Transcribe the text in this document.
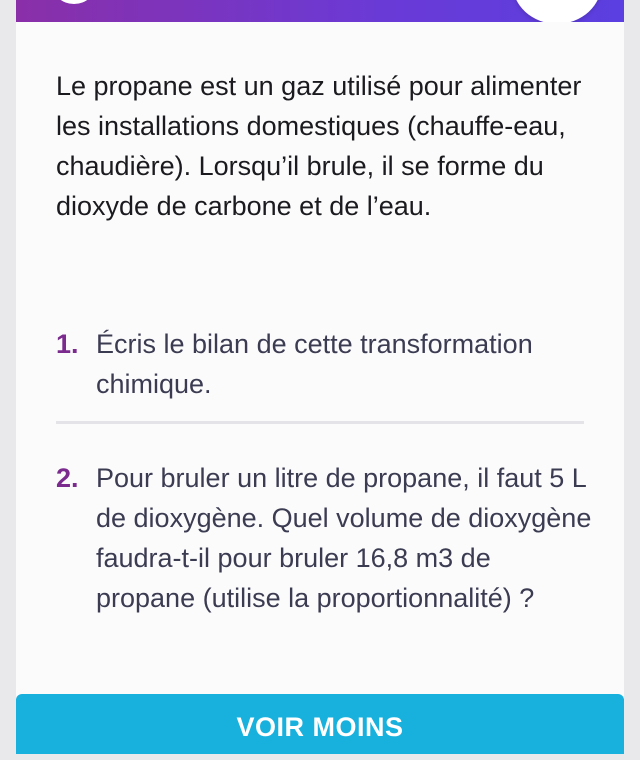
Le propane est un gaz utilisé pour alimenter les installations domestiques (chauffe-eau, chaudière). Lorsqu’il brule, il se forme du dioxyde de carbone et de l’eau.
1. Écris le bilan de cette transformation chimique.
2. Pour bruler un litre de propane, il faut 5 L de dioxygène. Quel volume de dioxygène faudra-t-il pour bruler 16,8 m3 de propane (utilise la proportionnalité) ?
VOIR MOINS
